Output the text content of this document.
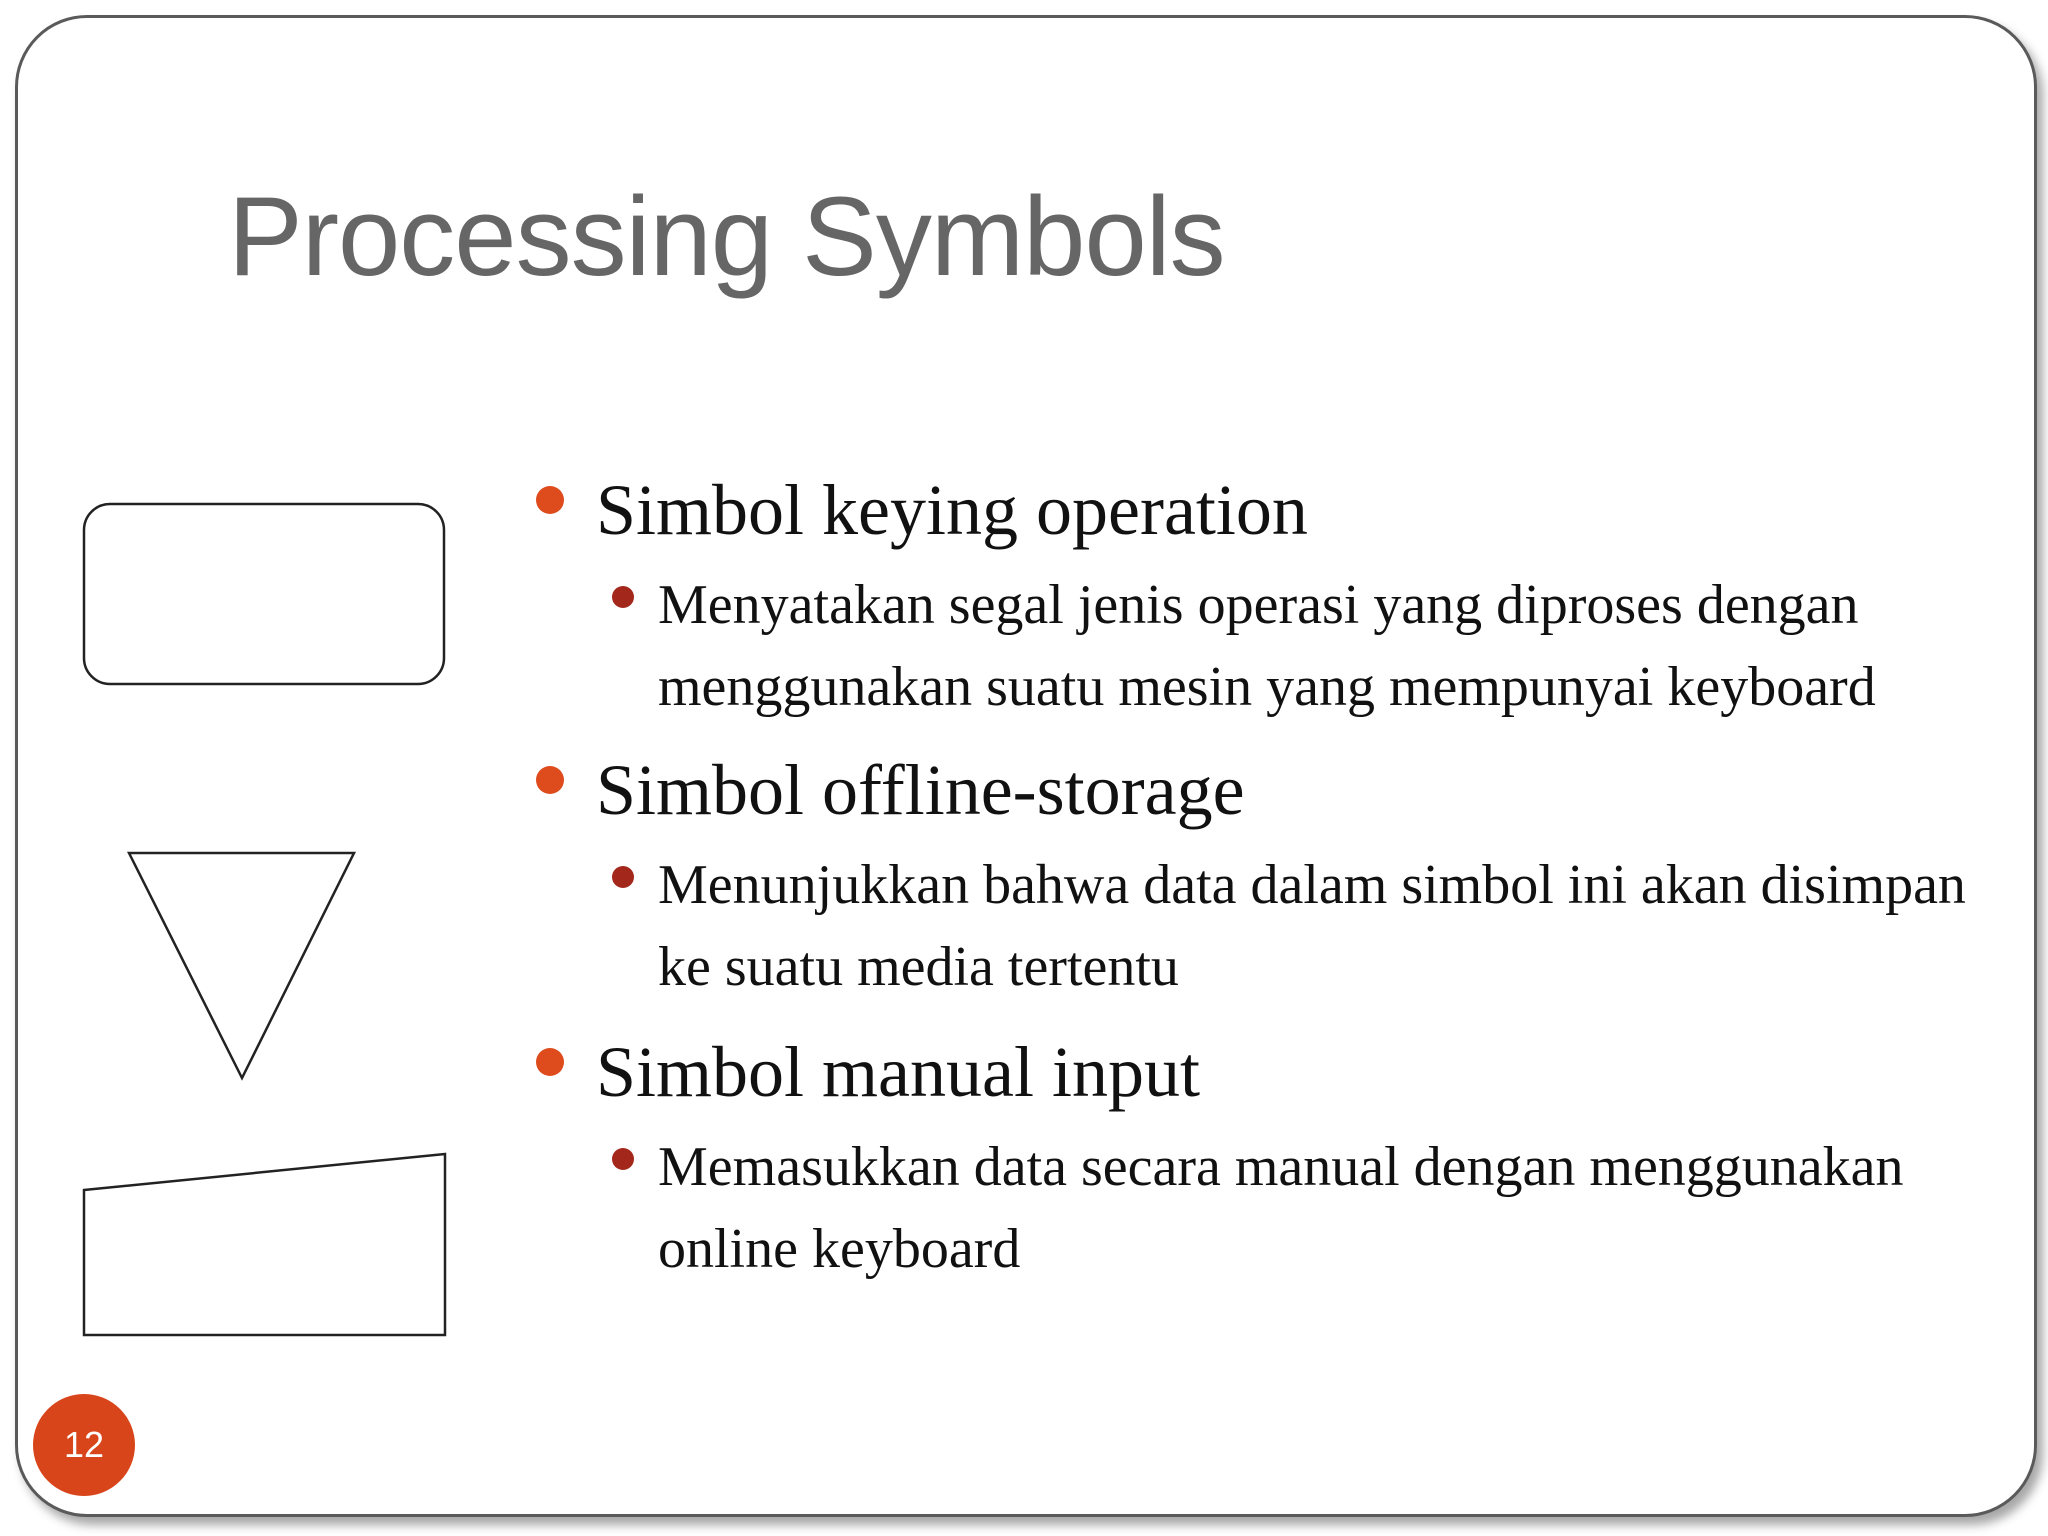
Processing Symbols

Simbol keying operation

Menyatakan segal jenis operasi yang diproses dengan menggunakan suatu mesin yang mempunyai keyboard

Simbol offline-storage

Menunjukkan bahwa data dalam simbol ini akan disimpan ke suatu media tertentu

Simbol manual input

Memasukkan data secara manual dengan menggunakan online keyboard

12
